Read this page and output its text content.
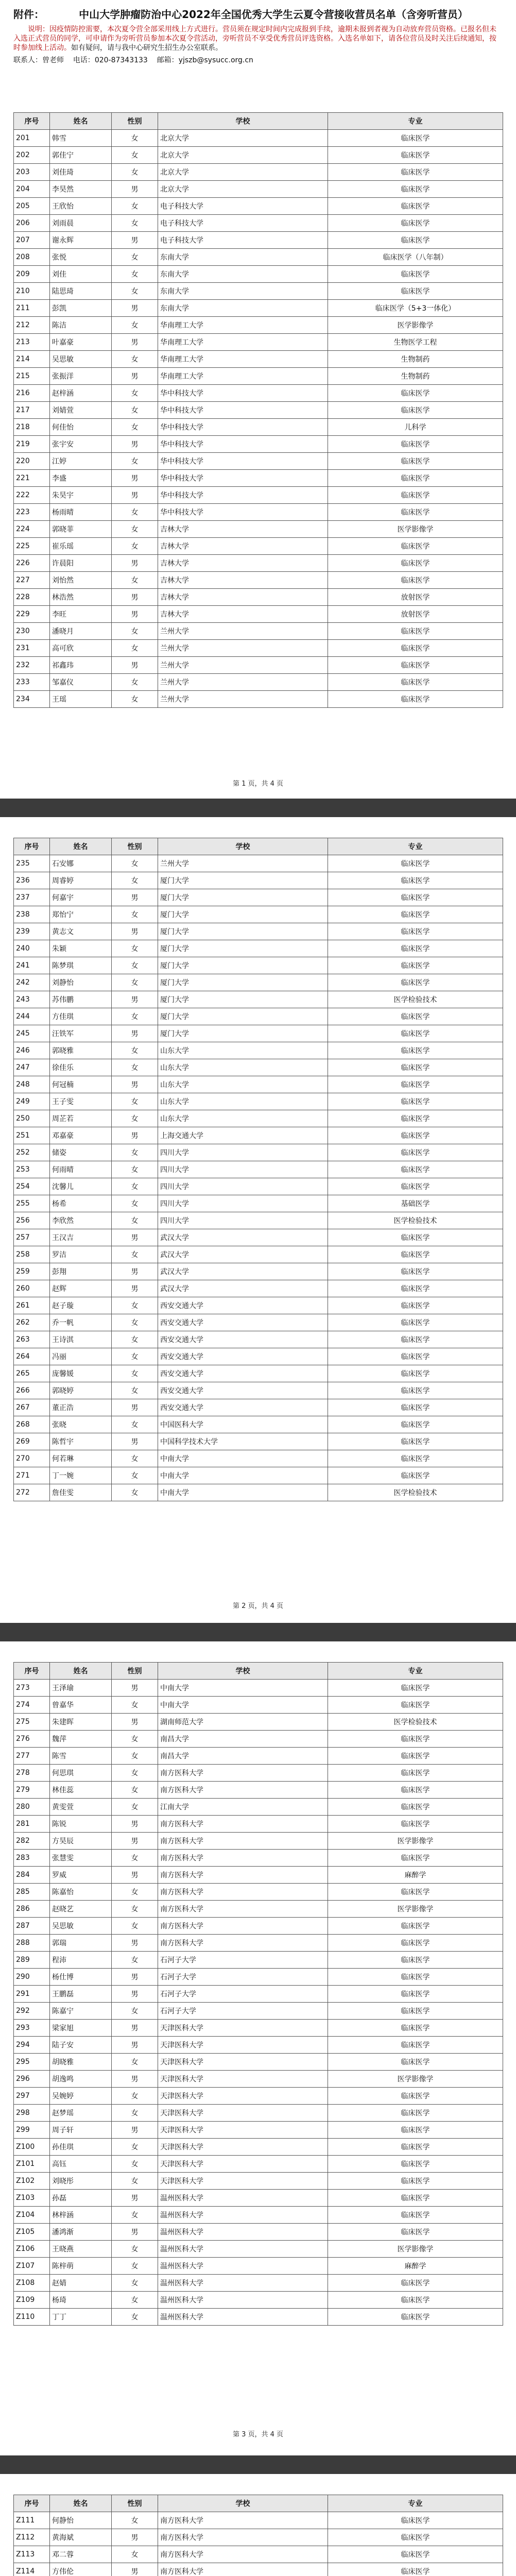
附件：	中山大学肿瘤防治中心2022年全国优秀大学生云夏令营接收营员名单（含旁听营员）
说明：因疫情防控需要，本次夏令营全部采用线上方式进行。营员须在规定时间内完成报到手续，逾期未报到者视为自动放弃营员资格。已报名但未入选正式营员的同学，可申请作为旁听营员参加本次夏令营活动，旁听营员不享受优秀营员评选资格。入选名单如下，请各位营员及时关注后续通知，按时参加线上活动。如有疑问，请与我中心研究生招生办公室联系。
联系人：曾老师 电话：020-87343133 邮箱：yjszb@sysucc.org.cn
序号	姓名	性别	学校	专业
201	韩雪	女	北京大学	临床医学
202	郭佳宁	女	北京大学	临床医学
203	刘佳琦	女	北京大学	临床医学
204	李昊然	男	北京大学	临床医学
205	王欣怡	女	电子科技大学	临床医学
206	刘雨晨	女	电子科技大学	临床医学
207	谢永辉	男	电子科技大学	临床医学
208	张悦	女	东南大学	临床医学（八年制）
209	刘佳	女	东南大学	临床医学
210	陆思琦	女	东南大学	临床医学
211	彭凯	男	东南大学	临床医学（5+3一体化）
212	陈洁	女	华南理工大学	医学影像学
213	叶嘉豪	男	华南理工大学	生物医学工程
214	吴思敏	女	华南理工大学	生物制药
215	张振洋	男	华南理工大学	生物制药
216	赵梓涵	女	华中科技大学	临床医学
217	刘婧萱	女	华中科技大学	临床医学
218	何佳怡	女	华中科技大学	儿科学
219	张宇安	男	华中科技大学	临床医学
220	江婷	女	华中科技大学	临床医学
221	李盛	男	华中科技大学	临床医学
222	朱昊宇	男	华中科技大学	临床医学
223	杨雨晴	女	华中科技大学	临床医学
224	郭晓菲	女	吉林大学	医学影像学
225	崔乐瑶	女	吉林大学	临床医学
226	许晨阳	男	吉林大学	临床医学
227	刘怡然	女	吉林大学	临床医学
228	林浩然	男	吉林大学	放射医学
229	李旺	男	吉林大学	放射医学
230	潘晓月	女	兰州大学	临床医学
231	高可欣	女	兰州大学	临床医学
232	祁鑫玮	男	兰州大学	临床医学
233	邹嘉仪	女	兰州大学	临床医学
234	王瑶	女	兰州大学	临床医学
第 1 页，共 4 页
序号	姓名	性别	学校	专业
235	石安娜	女	兰州大学	临床医学
236	周睿婷	女	厦门大学	临床医学
237	何嘉宇	男	厦门大学	临床医学
238	郑怡宁	女	厦门大学	临床医学
239	黄志文	男	厦门大学	临床医学
240	朱颖	女	厦门大学	临床医学
241	陈梦琪	女	厦门大学	临床医学
242	刘静怡	女	厦门大学	临床医学
243	苏伟鹏	男	厦门大学	医学检验技术
244	方佳琪	女	厦门大学	临床医学
245	汪铁军	男	厦门大学	临床医学
246	郭晓雅	女	山东大学	临床医学
247	徐佳乐	女	山东大学	临床医学
248	何冠楠	男	山东大学	临床医学
249	王子雯	女	山东大学	临床医学
250	周芷若	女	山东大学	临床医学
251	邓嘉豪	男	上海交通大学	临床医学
252	储姿	女	四川大学	临床医学
253	何雨晴	女	四川大学	临床医学
254	沈馨儿	女	四川大学	临床医学
255	杨希	女	四川大学	基础医学
256	李欣然	女	四川大学	医学检验技术
257	王汉吉	男	武汉大学	临床医学
258	罗洁	女	武汉大学	临床医学
259	彭翔	男	武汉大学	临床医学
260	赵辉	男	武汉大学	临床医学
261	赵子璇	女	西安交通大学	临床医学
262	乔一帆	女	西安交通大学	临床医学
263	王诗淇	女	西安交通大学	临床医学
264	冯丽	女	西安交通大学	临床医学
265	庞馨媛	女	西安交通大学	临床医学
266	郭晓婷	女	西安交通大学	临床医学
267	董正浩	男	西安交通大学	临床医学
268	张晓	女	中国医科大学	临床医学
269	陈哲宇	男	中国科学技术大学	临床医学
270	何若琳	女	中南大学	临床医学
271	丁一婉	女	中南大学	临床医学
272	詹佳雯	女	中南大学	医学检验技术
第 2 页，共 4 页
序号	姓名	性别	学校	专业
273	王泽瑜	男	中南大学	临床医学
274	曾嘉华	女	中南大学	临床医学
275	朱建晖	男	湖南师范大学	医学检验技术
276	魏萍	女	南昌大学	临床医学
277	陈雪	女	南昌大学	临床医学
278	何思琪	女	南方医科大学	临床医学
279	林佳蕊	女	南方医科大学	临床医学
280	黄雯萱	女	江南大学	临床医学
281	陈锐	男	南方医科大学	临床医学
282	方昊辰	男	南方医科大学	医学影像学
283	张慧雯	女	南方医科大学	临床医学
284	罗威	男	南方医科大学	麻醉学
285	陈嘉怡	女	南方医科大学	临床医学
286	赵晓艺	女	南方医科大学	医学影像学
287	吴思敏	女	南方医科大学	临床医学
288	郭瑞	男	南方医科大学	临床医学
289	程沛	女	石河子大学	临床医学
290	杨仕博	男	石河子大学	临床医学
291	王鹏磊	男	石河子大学	临床医学
292	陈嘉宁	女	石河子大学	临床医学
293	梁家旭	男	天津医科大学	临床医学
294	陆子安	男	天津医科大学	临床医学
295	胡晓雅	女	天津医科大学	临床医学
296	胡逸鸣	男	天津医科大学	医学影像学
297	吴婉婷	女	天津医科大学	临床医学
298	赵梦瑶	女	天津医科大学	临床医学
299	周子轩	男	天津医科大学	临床医学
Z100	孙佳琪	女	天津医科大学	临床医学
Z101	高钰	女	天津医科大学	临床医学
Z102	刘晓彤	女	天津医科大学	临床医学
Z103	孙磊	男	温州医科大学	临床医学
Z104	林梓涵	女	温州医科大学	临床医学
Z105	潘鸿渐	男	温州医科大学	临床医学
Z106	王晓燕	女	温州医科大学	医学影像学
Z107	陈梓萌	女	温州医科大学	麻醉学
Z108	赵婧	女	温州医科大学	临床医学
Z109	杨琦	女	温州医科大学	临床医学
Z110	丁丁	女	温州医科大学	临床医学
第 3 页，共 4 页
序号	姓名	性别	学校	专业
Z111	何静怡	女	南方医科大学	临床医学
Z112	黄海斌	男	南方医科大学	临床医学
Z113	邓二蓉	女	南方医科大学	临床医学
Z114	方伟伦	男	南方医科大学	临床医学
